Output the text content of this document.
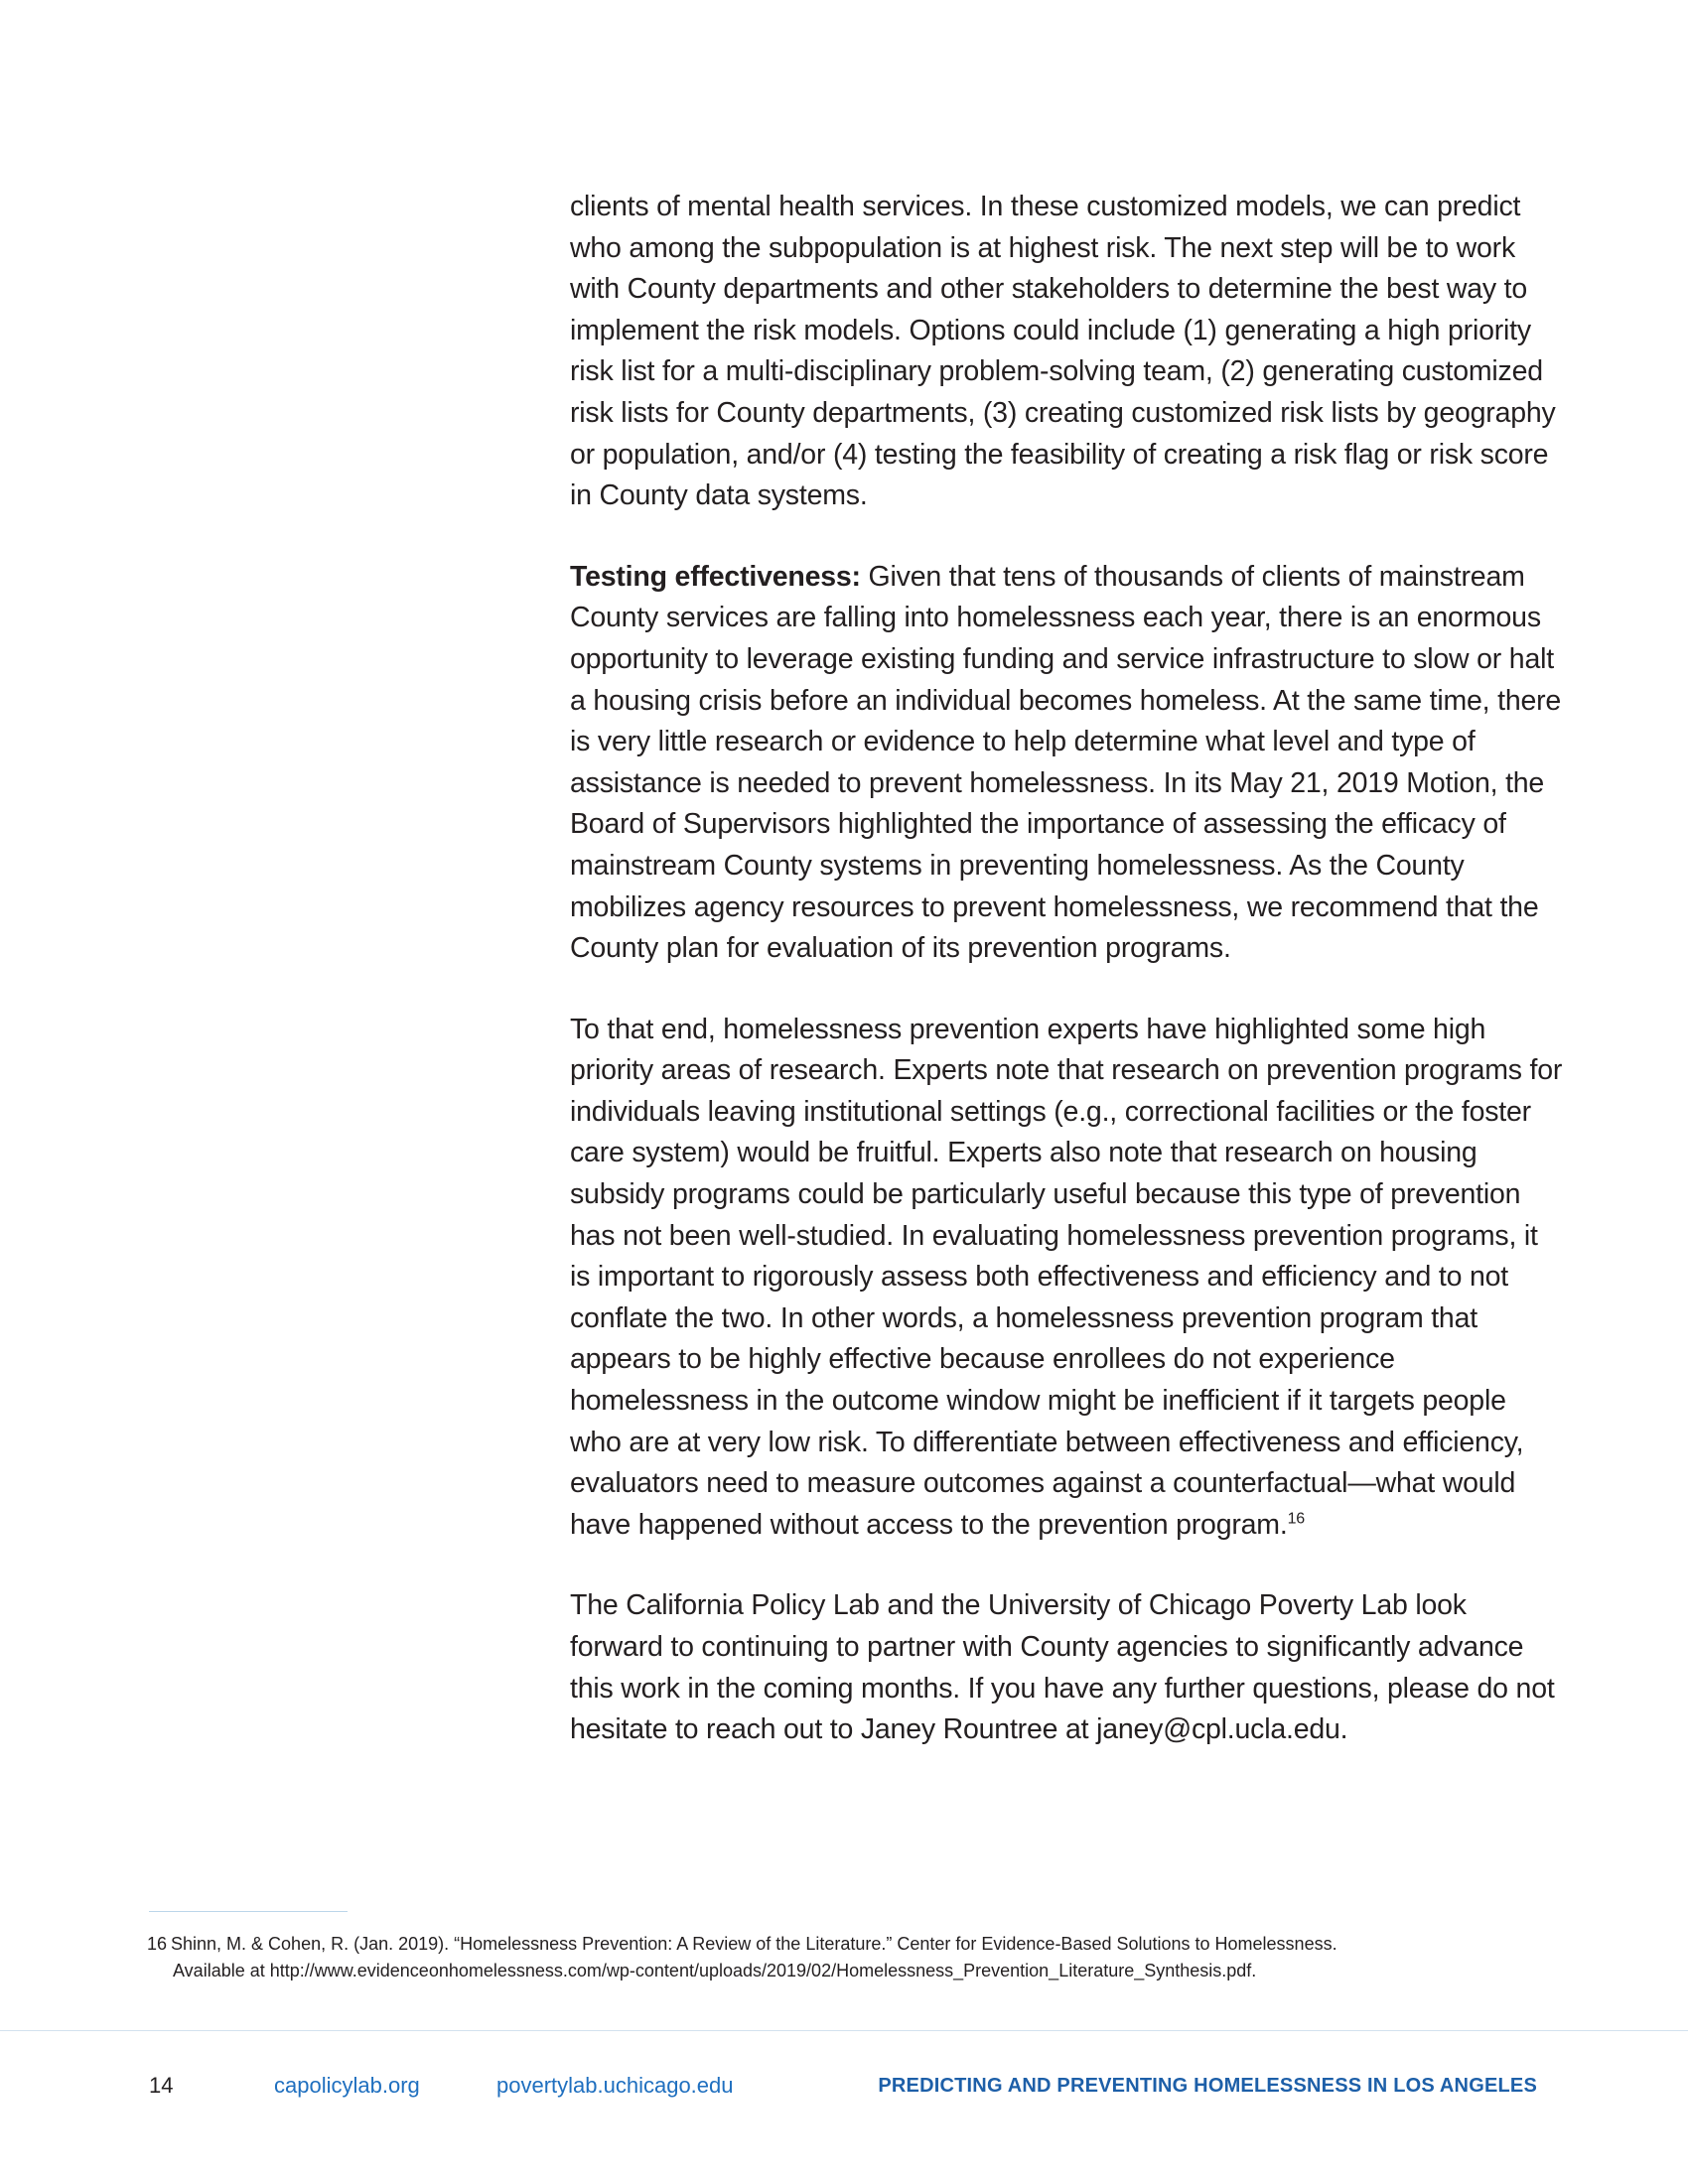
clients of mental health services. In these customized models, we can predict who among the subpopulation is at highest risk. The next step will be to work with County departments and other stakeholders to determine the best way to implement the risk models. Options could include (1) generating a high priority risk list for a multi-disciplinary problem-solving team, (2) generating customized risk lists for County departments, (3) creating customized risk lists by geography or population, and/or (4) testing the feasibility of creating a risk flag or risk score in County data systems.

Testing effectiveness: Given that tens of thousands of clients of mainstream County services are falling into homelessness each year, there is an enormous opportunity to leverage existing funding and service infrastructure to slow or halt a housing crisis before an individual becomes homeless. At the same time, there is very little research or evidence to help determine what level and type of assistance is needed to prevent homelessness. In its May 21, 2019 Motion, the Board of Supervisors highlighted the importance of assessing the efficacy of mainstream County systems in preventing homelessness. As the County mobilizes agency resources to prevent homelessness, we recommend that the County plan for evaluation of its prevention programs.

To that end, homelessness prevention experts have highlighted some high priority areas of research. Experts note that research on prevention programs for individuals leaving institutional settings (e.g., correctional facilities or the foster care system) would be fruitful. Experts also note that research on housing subsidy programs could be particularly useful because this type of prevention has not been well-studied. In evaluating homelessness prevention programs, it is important to rigorously assess both effectiveness and efficiency and to not conflate the two. In other words, a homelessness prevention program that appears to be highly effective because enrollees do not experience homelessness in the outcome window might be inefficient if it targets people who are at very low risk. To differentiate between effectiveness and efficiency, evaluators need to measure outcomes against a counterfactual—what would have happened without access to the prevention program.$^{16}$

The California Policy Lab and the University of Chicago Poverty Lab look forward to continuing to partner with County agencies to significantly advance this work in the coming months. If you have any further questions, please do not hesitate to reach out to Janey Rountree at janey@cpl.ucla.edu.

16 Shinn, M. & Cohen, R. (Jan. 2019). “Homelessness Prevention: A Review of the Literature.” Center for Evidence-Based Solutions to Homelessness.
Available at http://www.evidenceonhomelessness.com/wp-content/uploads/2019/02/Homelessness_Prevention_Literature_Synthesis.pdf.
14	capolicylab.org	povertylab.uchicago.edu	PREDICTING AND PREVENTING HOMELESSNESS IN LOS ANGELES
